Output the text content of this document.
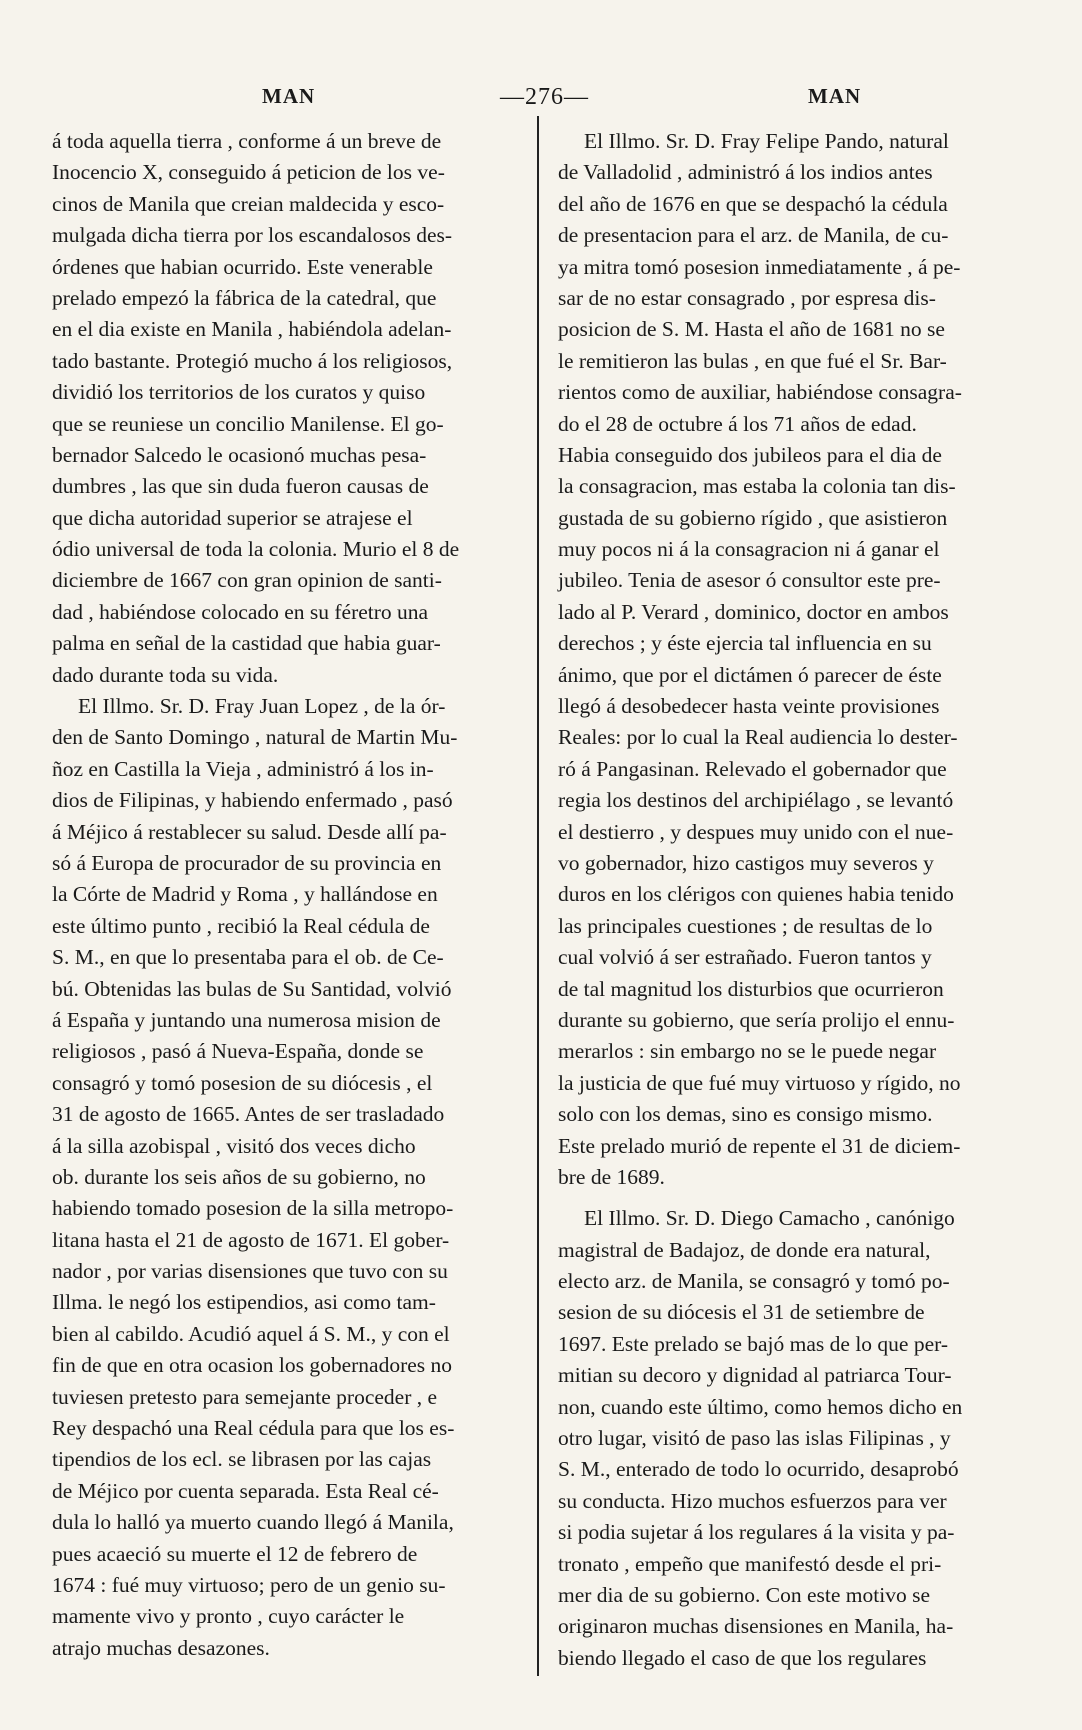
MAN	—276—	MAN
á toda aquella tierra , conforme á un breve de
Inocencio X, conseguido á peticion de los ve-
cinos de Manila que creian maldecida y esco-
mulgada dicha tierra por los escandalosos des-
órdenes que habian ocurrido. Este venerable
prelado empezó la fábrica de la catedral, que
en el dia existe en Manila , habiéndola adelan-
tado bastante. Protegió mucho á los religiosos,
dividió los territorios de los curatos y quiso
que se reuniese un concilio Manilense. El go-
bernador Salcedo le ocasionó muchas pesa-
dumbres , las que sin duda fueron causas de
que dicha autoridad superior se atrajese el
ódio universal de toda la colonia. Murio el 8 de
diciembre de 1667 con gran opinion de santi-
dad , habiéndose colocado en su féretro una
palma en señal de la castidad que habia guar-
dado durante toda su vida.
El Illmo. Sr. D. Fray Juan Lopez , de la ór-
den de Santo Domingo , natural de Martin Mu-
ñoz en Castilla la Vieja , administró á los in-
dios de Filipinas, y habiendo enfermado , pasó
á Méjico á restablecer su salud. Desde allí pa-
só á Europa de procurador de su provincia en
la Córte de Madrid y Roma , y hallándose en
este último punto , recibió la Real cédula de
S. M., en que lo presentaba para el ob. de Ce-
bú. Obtenidas las bulas de Su Santidad, volvió
á España y juntando una numerosa mision de
religiosos , pasó á Nueva-España, donde se
consagró y tomó posesion de su diócesis , el
31 de agosto de 1665. Antes de ser trasladado
á la silla azobispal , visitó dos veces dicho
ob. durante los seis años de su gobierno, no
habiendo tomado posesion de la silla metropo-
litana hasta el 21 de agosto de 1671. El gober-
nador , por varias disensiones que tuvo con su
Illma. le negó los estipendios, asi como tam-
bien al cabildo. Acudió aquel á S. M., y con el
fin de que en otra ocasion los gobernadores no
tuviesen pretesto para semejante proceder , e
Rey despachó una Real cédula para que los es-
tipendios de los ecl. se librasen por las cajas
de Méjico por cuenta separada. Esta Real cé-
dula lo halló ya muerto cuando llegó á Manila,
pues acaeció su muerte el 12 de febrero de
1674 : fué muy virtuoso; pero de un genio su-
mamente vivo y pronto , cuyo carácter le
atrajo muchas desazones.
El Illmo. Sr. D. Fray Felipe Pando, natural
de Valladolid , administró á los indios antes
del año de 1676 en que se despachó la cédula
de presentacion para el arz. de Manila, de cu-
ya mitra tomó posesion inmediatamente , á pe-
sar de no estar consagrado , por espresa dis-
posicion de S. M. Hasta el año de 1681 no se
le remitieron las bulas , en que fué el Sr. Bar-
rientos como de auxiliar, habiéndose consagra-
do el 28 de octubre á los 71 años de edad.
Habia conseguido dos jubileos para el dia de
la consagracion, mas estaba la colonia tan dis-
gustada de su gobierno rígido , que asistieron
muy pocos ni á la consagracion ni á ganar el
jubileo. Tenia de asesor ó consultor este pre-
lado al P. Verard , dominico, doctor en ambos
derechos ; y éste ejercia tal influencia en su
ánimo, que por el dictámen ó parecer de éste
llegó á desobedecer hasta veinte provisiones
Reales: por lo cual la Real audiencia lo dester-
ró á Pangasinan. Relevado el gobernador que
regia los destinos del archipiélago , se levantó
el destierro , y despues muy unido con el nue-
vo gobernador, hizo castigos muy severos y
duros en los clérigos con quienes habia tenido
las principales cuestiones ; de resultas de lo
cual volvió á ser estrañado. Fueron tantos y
de tal magnitud los disturbios que ocurrieron
durante su gobierno, que sería prolijo el ennu-
merarlos : sin embargo no se le puede negar
la justicia de que fué muy virtuoso y rígido, no
solo con los demas, sino es consigo mismo.
Este prelado murió de repente el 31 de diciem-
bre de 1689.
El Illmo. Sr. D. Diego Camacho , canónigo
magistral de Badajoz, de donde era natural,
electo arz. de Manila, se consagró y tomó po-
sesion de su diócesis el 31 de setiembre de
1697. Este prelado se bajó mas de lo que per-
mitian su decoro y dignidad al patriarca Tour-
non, cuando este último, como hemos dicho en
otro lugar, visitó de paso las islas Filipinas , y
S. M., enterado de todo lo ocurrido, desaprobó
su conducta. Hizo muchos esfuerzos para ver
si podia sujetar á los regulares á la visita y pa-
tronato , empeño que manifestó desde el pri-
mer dia de su gobierno. Con este motivo se
originaron muchas disensiones en Manila, ha-
biendo llegado el caso de que los regulares
